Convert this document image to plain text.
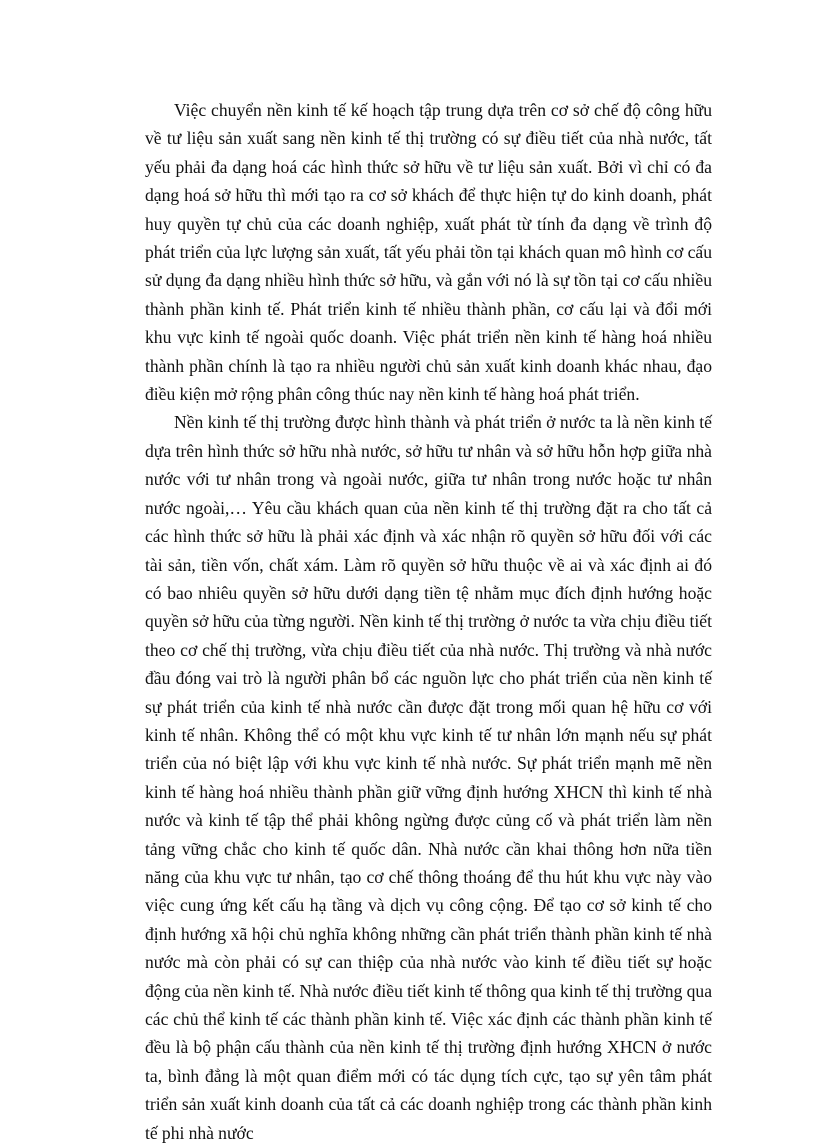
Việc chuyển nền kinh tế kế hoạch tập trung dựa trên cơ sở chế độ công hữu về tư liệu sản xuất sang nền kinh tế thị trường có sự điều tiết của nhà nước, tất yếu phải đa dạng hoá các hình thức sở hữu về tư liệu sản xuất. Bởi vì chỉ có đa dạng hoá sở hữu thì mới tạo ra cơ sở khách để thực hiện tự do kinh doanh, phát huy quyền tự chủ của các doanh nghiệp, xuất phát từ tính đa dạng về trình độ phát triển của lực lượng sản xuất, tất yếu phải tồn tại khách quan mô hình cơ cấu sử dụng đa dạng nhiều hình thức sở hữu, và gắn với nó là sự tồn tại cơ cấu nhiều thành phần kinh tế. Phát triển kinh tế nhiều thành phần, cơ cấu lại và đổi mới khu vực kinh tế ngoài quốc doanh. Việc phát triển nền kinh tế hàng hoá nhiều thành phần chính là tạo ra nhiều người chủ sản xuất kinh doanh khác nhau, đạo điều kiện mở rộng phân công thúc nay nền kinh tế hàng hoá phát triển.

Nền kinh tế thị trường được hình thành và phát triển ở nước ta là nền kinh tế dựa trên hình thức sở hữu nhà nước, sở hữu tư nhân và sở hữu hỗn hợp giữa nhà nước với tư nhân trong và ngoài nước, giữa tư nhân trong nước hoặc tư nhân nước ngoài,… Yêu cầu khách quan của nền kinh tế thị trường đặt ra cho tất cả các hình thức sở hữu là phải xác định và xác nhận rõ quyền sở hữu đối với các tài sản, tiền vốn, chất xám. Làm rõ quyền sở hữu thuộc về ai và xác định ai đó có bao nhiêu quyền sở hữu dưới dạng tiền tệ nhằm mục đích định hướng hoặc quyền sở hữu của từng người. Nền kinh tế thị trường ở nước ta vừa chịu điều tiết theo cơ chế thị trường, vừa chịu điều tiết của nhà nước. Thị trường và nhà nước đầu đóng vai trò là người phân bổ các nguồn lực cho phát triển của nền kinh tế sự phát triển của kinh tế nhà nước cần được đặt trong mối quan hệ hữu cơ với kinh tế nhân. Không thể có một khu vực kinh tế tư nhân lớn mạnh nếu sự phát triển của nó biệt lập với khu vực kinh tế nhà nước. Sự phát triển mạnh mẽ nền kinh tế hàng hoá nhiều thành phần giữ vững định hướng XHCN thì kinh tế nhà nước và kinh tế tập thể phải không ngừng được củng cố và phát triển làm nền tảng vững chắc cho kinh tế quốc dân. Nhà nước cần khai thông hơn nữa tiền năng của khu vực tư nhân, tạo cơ chế thông thoáng để thu hút khu vực này vào việc cung ứng kết cấu hạ tầng và dịch vụ công cộng. Để tạo cơ sở kinh tế cho định hướng xã hội chủ nghĩa không những cần phát triển thành phần kinh tế nhà nước mà còn phải có sự can thiệp của nhà nước vào kinh tế điều tiết sự hoặc động của nền kinh tế. Nhà nước điều tiết kinh tế thông qua kinh tế thị trường qua các chủ thể kinh tế các thành phần kinh tế. Việc xác định các thành phần kinh tế đều là bộ phận cấu thành của nền kinh tế thị trường định hướng XHCN ở nước ta, bình đẳng là một quan điểm mới có tác dụng tích cực, tạo sự yên tâm phát triển sản xuất kinh doanh của tất cả các doanh nghiệp trong các thành phần kinh tế phi nhà nước
